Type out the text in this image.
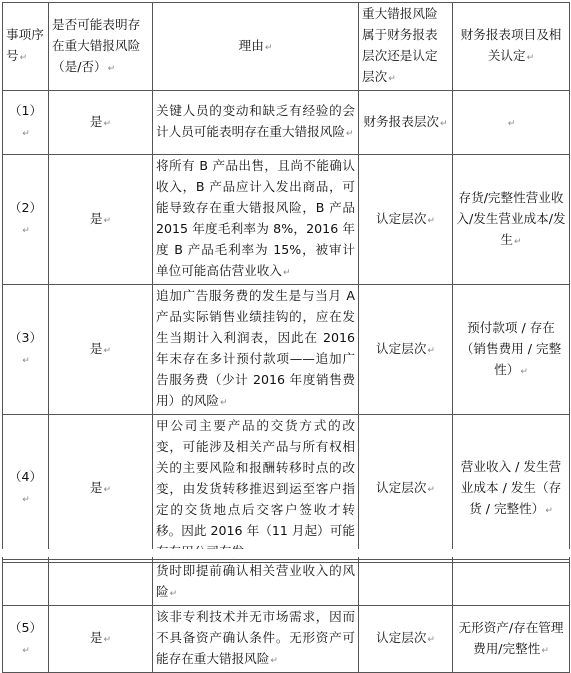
事项序号↵	是否可能表明存在重大错报风险（是/否）↵	理由↵	重大错报风险属于财务报表层次还是认定层次↵	财务报表项目及相关认定↵
（1）↵	是↵	关键人员的变动和缺乏有经验的会计人员可能表明存在重大错报风险↵	财务报表层次↵	↵
（2）↵	是↵	将所有 B 产品出售，且尚不能确认收入，B 产品应计入发出商品，可能导致存在重大错报风险，B 产品 2015 年度毛利率为 8%，2016 年度 B 产品毛利率为 15%，被审计单位可能高估营业收入↵	认定层次↵	存货/完整性营业收入/发生营业成本/发生↵
（3）↵	是↵	追加广告服务费的发生是与当月 A 产品实际销售业绩挂钩的，应在发生当期计入利润表，因此在 2016 年末存在多计预付款项——追加广告服务费（少计 2016 年度销售费用）的风险↵	认定层次↵	预付款项 / 存在（销售费用 / 完整性）↵
（4）↵	是↵	甲公司主要产品的交货方式的改变，可能涉及相关产品与所有权相关的主要风险和报酬转移时点的改变，由发货转移推迟到运至客户指定的交货地点后交客户签收才转移。因此 2016 年（11 月起）可能	认定层次↵	营业收入 / 发生营业成本 / 发生（存货 / 完整性）↵
		货时即提前确认相关营业收入的风险↵		
（5）↵	是↵	该非专利技术并无市场需求，因而不具备资产确认条件。无形资产可能存在重大错报风险↵	认定层次↵	无形资产/存在管理费用/完整性↵
